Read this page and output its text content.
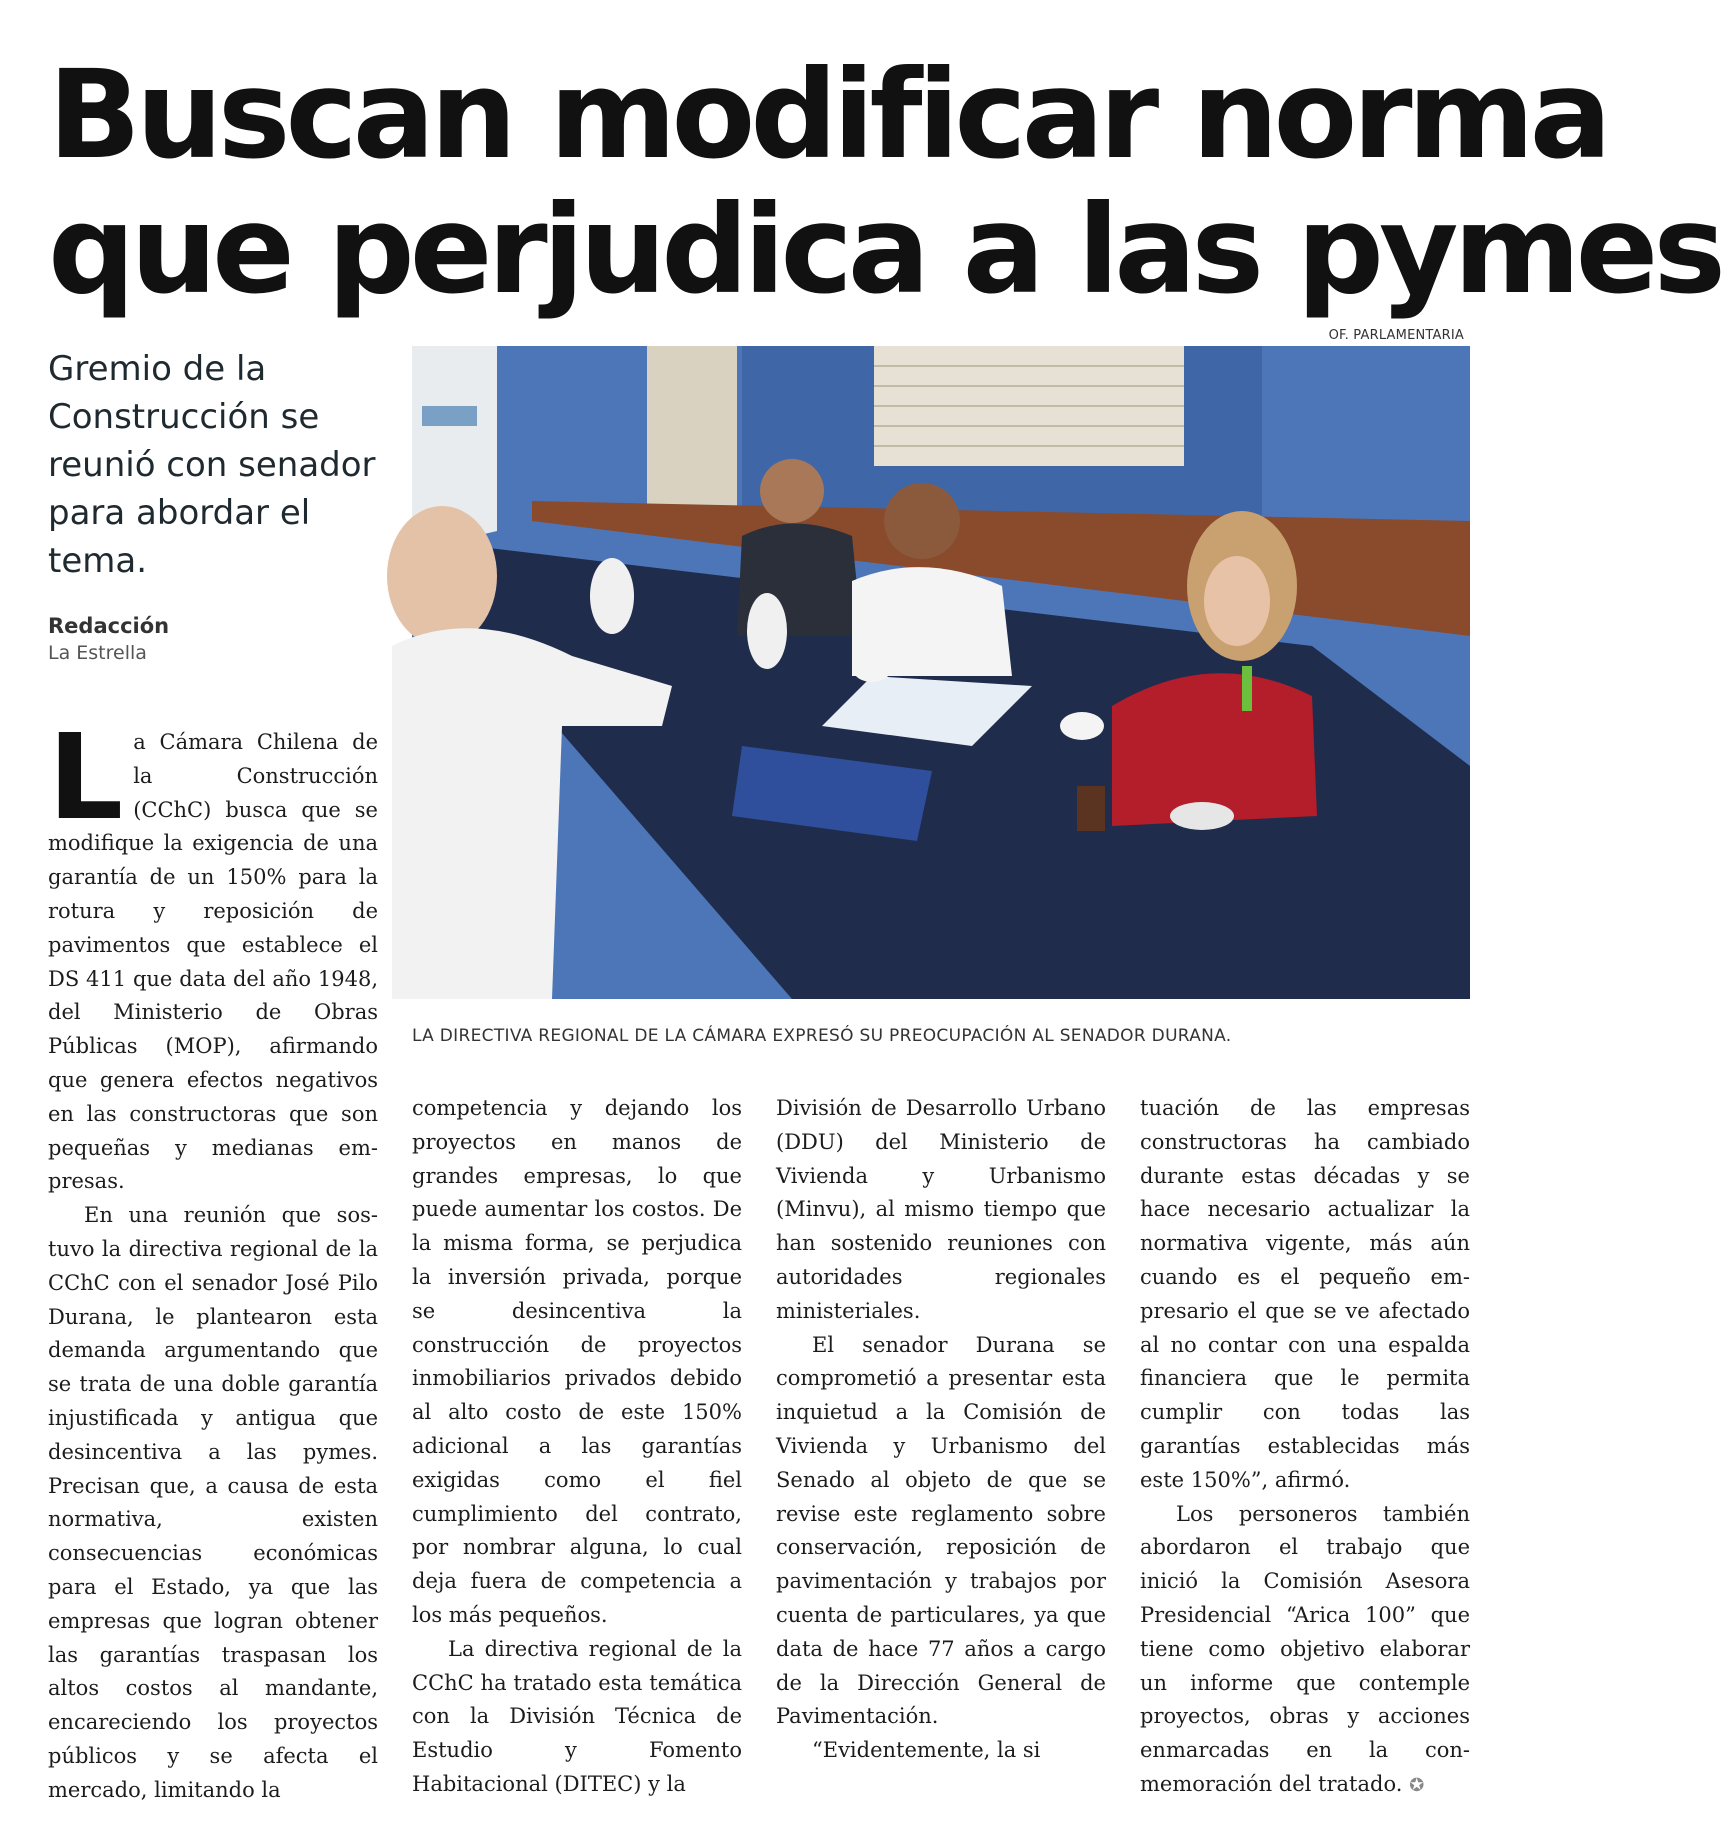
Buscan modificar norma
que perjudica a las pymes
OF. PARLAMENTARIA
Gremio de la Construcción se reunió con senador para abordar el tema.
Redacción
La Estrella
LA DIRECTIVA REGIONAL DE LA CÁMARA EXPRESÓ SU PREOCUPACIÓN AL SENADOR DURANA.

La Cámara Chilena de la Construcción (CChC) busca que se modifique la exigencia de una garantía de un 150% para la rotura y reposición de pavimentos que establece el DS 411 que data del año 1948, del Ministerio de Obras Públicas (MOP), afirmando que genera efectos negativos en las constructoras que son pequeñas y medianas empresas.

En una reunión que sostuvo la directiva regional de la CChC con el senador José Pilo Durana, le plantearon esta demanda argumentando que se trata de una doble garantía injustificada y antigua que desincentiva a las pymes. Precisan que, a causa de esta normativa, existen consecuencias económicas para el Estado, ya que las empresas que logran obtener las garantías traspasan los altos costos al mandante, encareciendo los proyectos públicos y se afecta el mercado, limitando la

competencia y dejando los proyectos en manos de grandes empresas, lo que puede aumentar los costos. De la misma forma, se perjudica la inversión privada, porque se desincentiva la construcción de proyectos inmobiliarios privados debido al alto costo de este 150% adicional a las garantías exigidas como el fiel cumplimiento del contrato, por nombrar alguna, lo cual deja fuera de competencia a los más pequeños.

La directiva regional de la CChC ha tratado esta temática con la División Técnica de Estudio y Fomento Habitacional (DITEC) y la

División de Desarrollo Urbano (DDU) del Ministerio de Vivienda y Urbanismo (Minvu), al mismo tiempo que han sostenido reuniones con autoridades regionales ministeriales.

El senador Durana se comprometió a presentar esta inquietud a la Comisión de Vivienda y Urbanismo del Senado al objeto de que se revise este reglamento sobre conservación, reposición de pavimentación y trabajos por cuenta de particulares, ya que data de hace 77 años a cargo de la Dirección General de Pavimentación.

“Evidentemente, la si

tuación de las empresas constructoras ha cambiado durante estas décadas y se hace necesario actualizar la normativa vigente, más aún cuando es el pequeño empresario el que se ve afectado al no contar con una espalda financiera que le permita cumplir con todas las garantías establecidas más este 150%”, afirmó.

Los personeros también abordaron el trabajo que inició la Comisión Asesora Presidencial “Arica 100” que tiene como objetivo elaborar un informe que contemple proyectos, obras y acciones enmarcadas en la conmemoración del tratado. ✪
